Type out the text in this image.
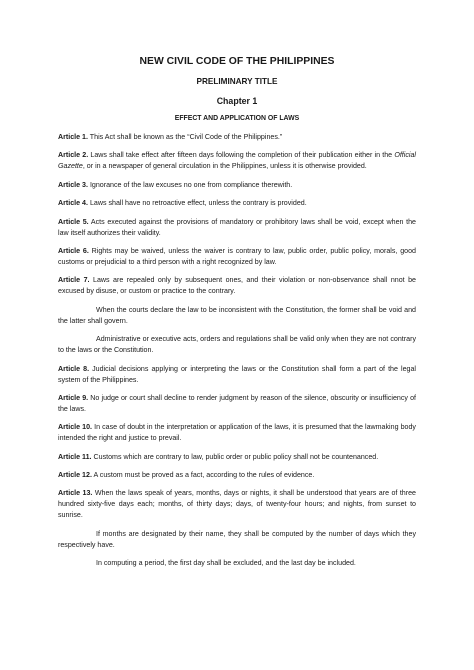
NEW CIVIL CODE OF THE PHILIPPINES
PRELIMINARY TITLE
Chapter 1
EFFECT AND APPLICATION OF LAWS

Article 1. This Act shall be known as the “Civil Code of the Philippines.”

Article 2. Laws shall take effect after fifteen days following the completion of their publication either in the Official Gazette, or in a newspaper of general circulation in the Philippines, unless it is otherwise provided.

Article 3. Ignorance of the law excuses no one from compliance therewith.

Article 4. Laws shall have no retroactive effect, unless the contrary is provided.

Article 5. Acts executed against the provisions of mandatory or prohibitory laws shall be void, except when the law itself authorizes their validity.

Article 6. Rights may be waived, unless the waiver is contrary to law, public order, public policy, morals, good customs or prejudicial to a third person with a right recognized by law.

Article 7. Laws are repealed only by subsequent ones, and their violation or non-observance shall nnot be excused by disuse, or custom or practice to the contrary.

When the courts declare the law to be inconsistent with the Constitution, the former shall be void and the latter shall govern.

Administrative or executive acts, orders and regulations shall be valid only when they are not contrary to the laws or the Constitution.

Article 8. Judicial decisions applying or interpreting the laws or the Constitution shall form a part of the legal system of the Philippines.

Article 9. No judge or court shall decline to render judgment by reason of the silence, obscurity or insufficiency of the laws.

Article 10. In case of doubt in the interpretation or application of the laws, it is presumed that the lawmaking body intended the right and justice to prevail.

Article 11. Customs which are contrary to law, public order or public policy shall not be countenanced.

Article 12. A custom must be proved as a fact, according to the rules of evidence.

Article 13. When the laws speak of years, months, days or nights, it shall be understood that years are of three hundred sixty-five days each; months, of thirty days; days, of twenty-four hours; and nights, from sunset to sunrise.

If months are designated by their name, they shall be computed by the number of days which they respectively have.

In computing a period, the first day shall be excluded, and the last day be included.
